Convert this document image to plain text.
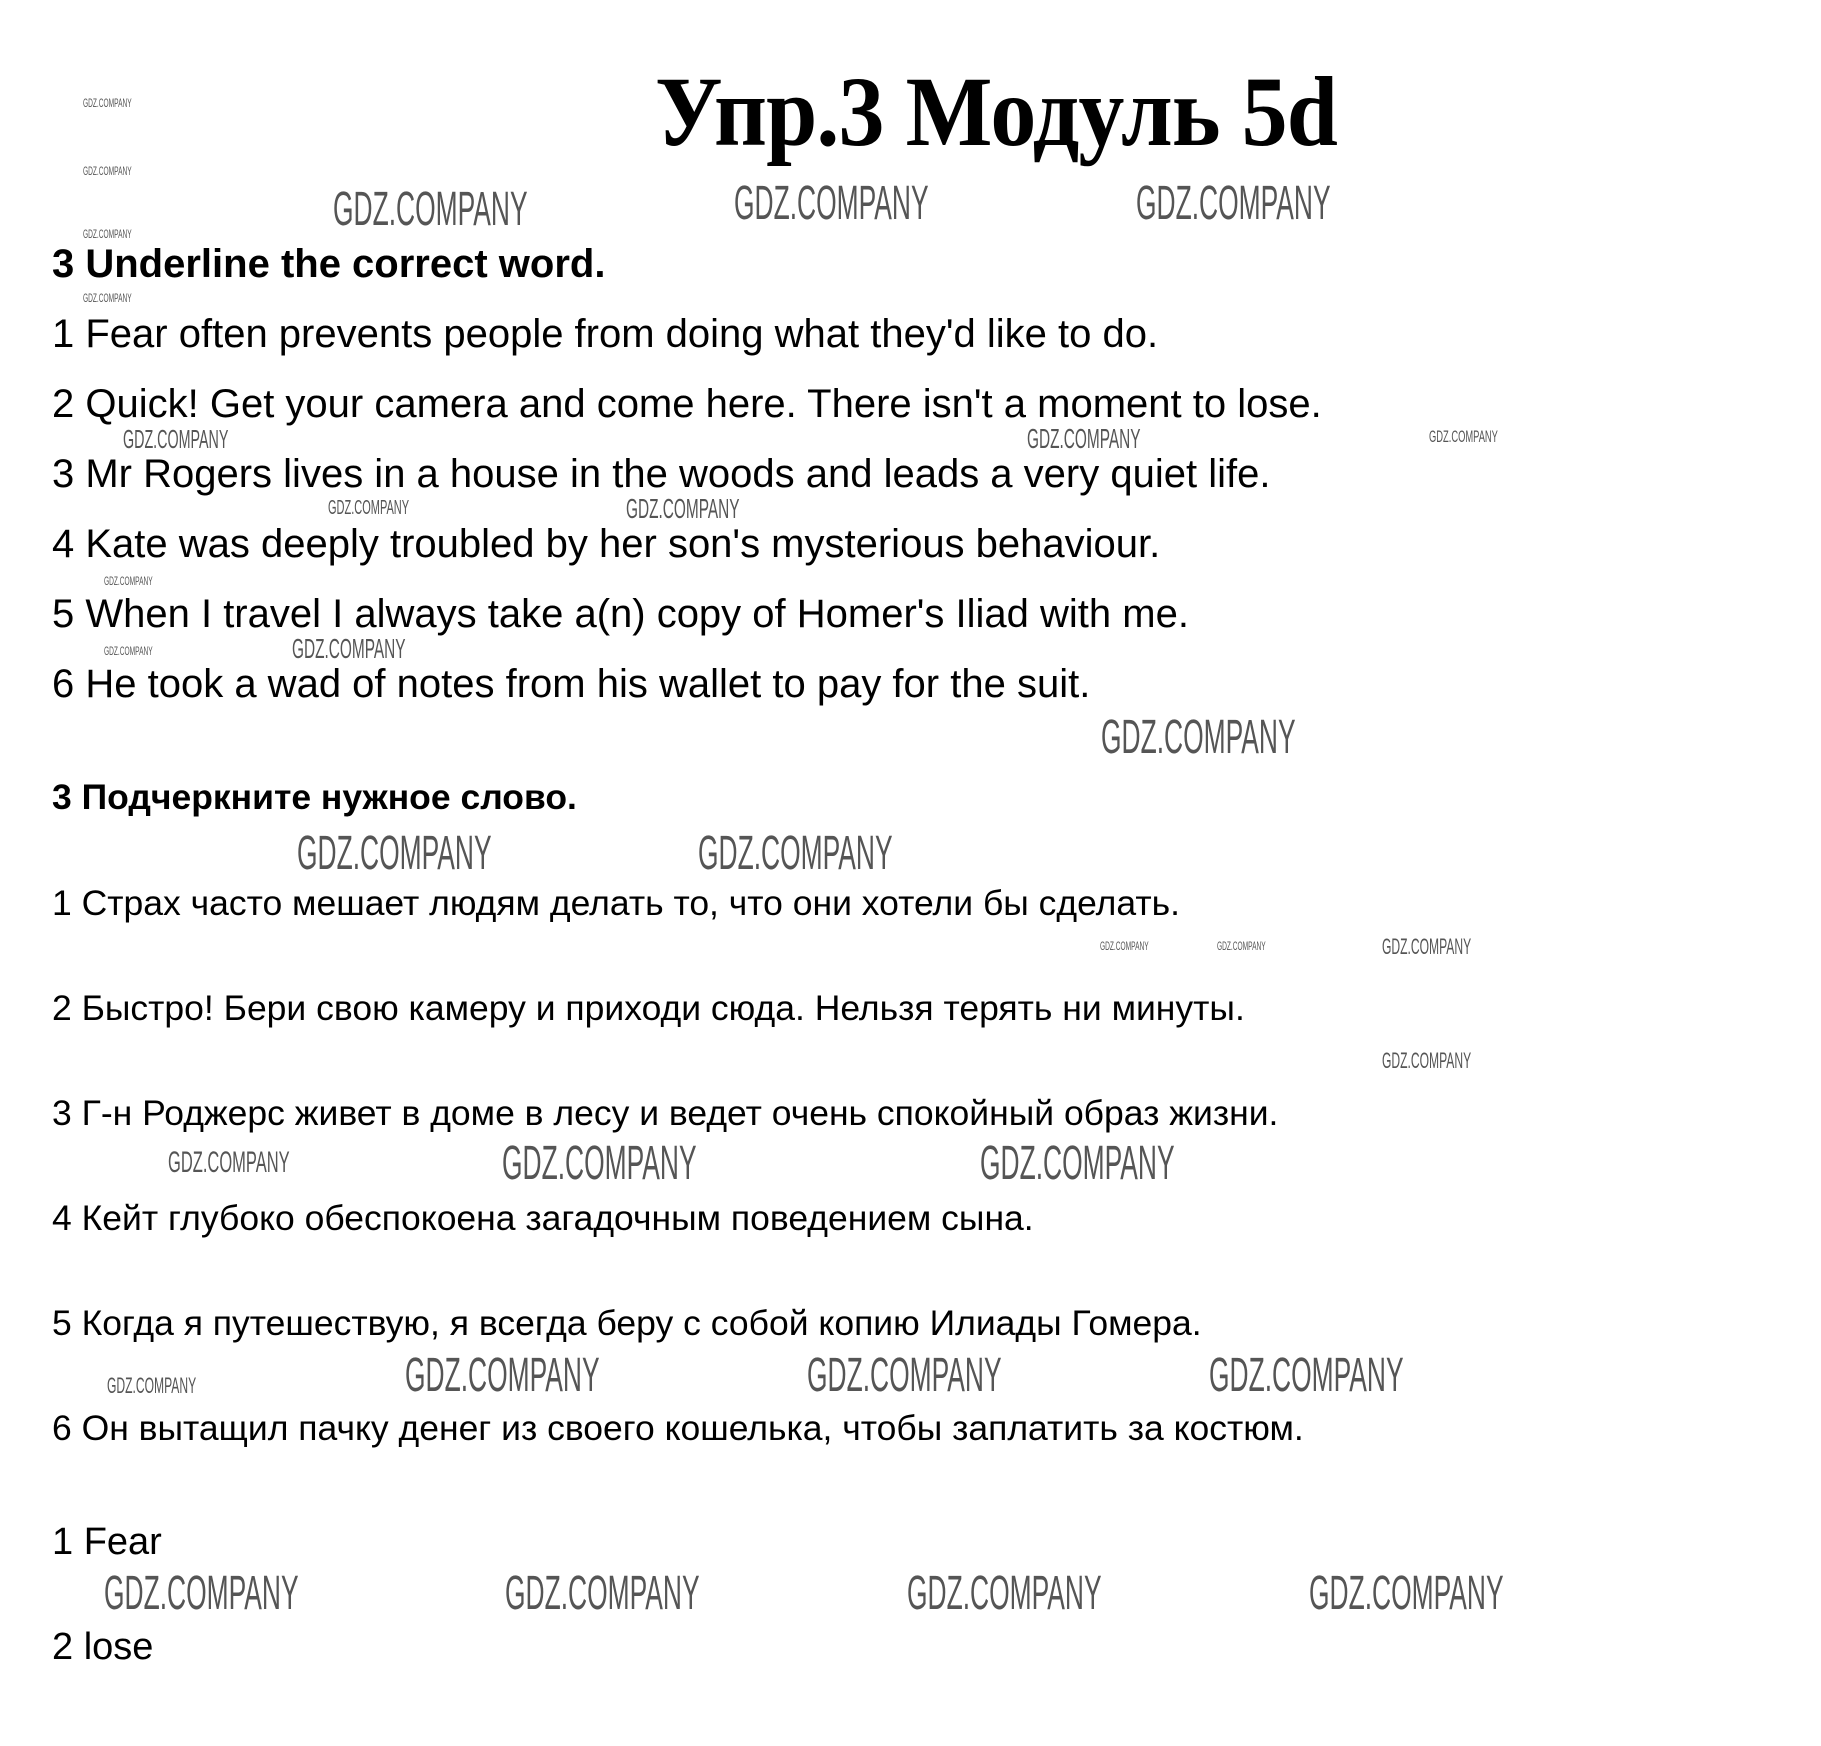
Упр.3 Модуль 5d
3 Underline the correct word.
1 Fear often prevents people from doing what they'd like to do.
2 Quick! Get your camera and come here. There isn't a moment to lose.
3 Mr Rogers lives in a house in the woods and leads a very quiet life.
4 Kate was deeply troubled by her son's mysterious behaviour.
5 When I travel I always take a(n) copy of Homer's Iliad with me.
6 He took a wad of notes from his wallet to pay for the suit.
3 Подчеркните нужное слово.
1 Страх часто мешает людям делать то, что они хотели бы сделать.
2 Быстро! Бери свою камеру и приходи сюда. Нельзя терять ни минуты.
3 Г-н Роджерс живет в доме в лесу и ведет очень спокойный образ жизни.
4 Кейт глубоко обеспокоена загадочным поведением сына.
5 Когда я путешествую, я всегда беру с собой копию Илиады Гомера.
6 Он вытащил пачку денег из своего кошелька, чтобы заплатить за костюм.
1 Fear
2 lose
GDZ.COMPANY
GDZ.COMPANY
GDZ.COMPANY
GDZ.COMPANY
GDZ.COMPANY	GDZ.COMPANY	GDZ.COMPANY
GDZ.COMPANY	GDZ.COMPANY	GDZ.COMPANY
GDZ.COMPANY	GDZ.COMPANY
GDZ.COMPANY
GDZ.COMPANY	GDZ.COMPANY
GDZ.COMPANY
GDZ.COMPANY	GDZ.COMPANY
GDZ.COMPANY	GDZ.COMPANY	GDZ.COMPANY
GDZ.COMPANY
GDZ.COMPANY	GDZ.COMPANY	GDZ.COMPANY
GDZ.COMPANY	GDZ.COMPANY	GDZ.COMPANY	GDZ.COMPANY
GDZ.COMPANY	GDZ.COMPANY	GDZ.COMPANY	GDZ.COMPANY
